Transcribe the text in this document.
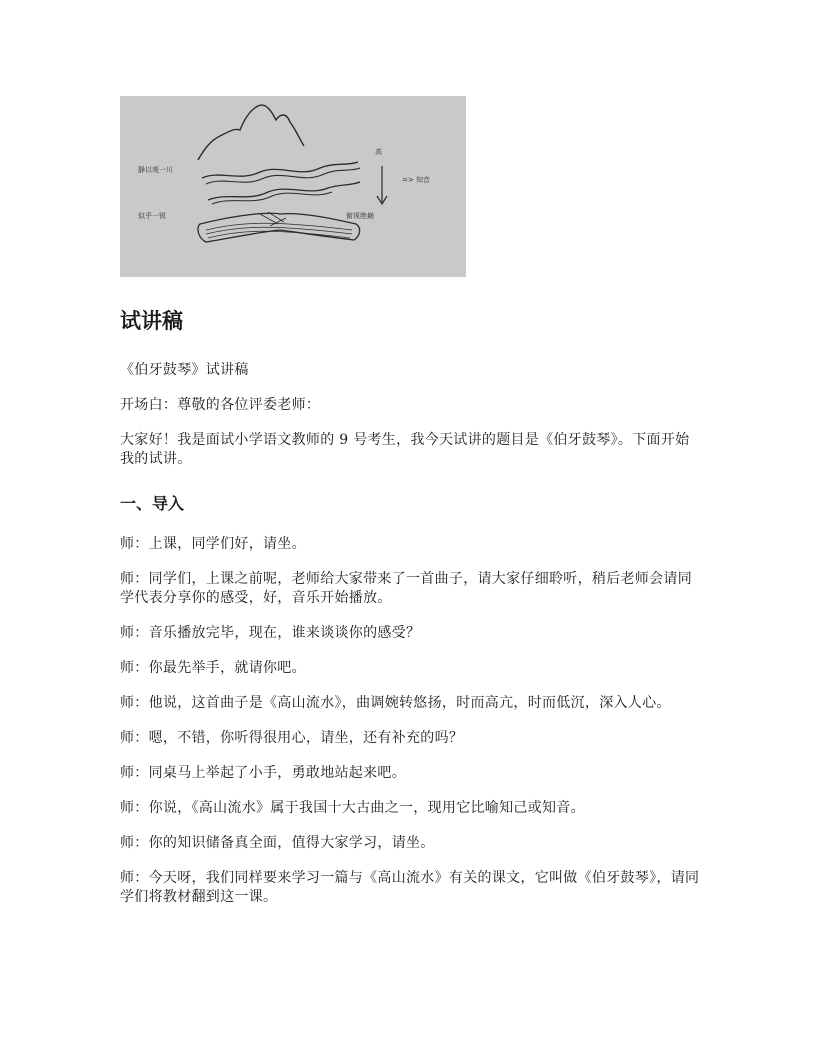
静以观一川
似乎一锐
高
=> 知音
俯视绝巅
试讲稿

《伯牙鼓琴》试讲稿

开场白：尊敬的各位评委老师：

大家好！我是面试小学语文教师的 9 号考生，我今天试讲的题目是《伯牙鼓琴》。下面开始我的试讲。

一、导入

师：上课，同学们好，请坐。

师：同学们，上课之前呢，老师给大家带来了一首曲子，请大家仔细聆听，稍后老师会请同学代表分享你的感受，好，音乐开始播放。

师：音乐播放完毕，现在，谁来谈谈你的感受？

师：你最先举手，就请你吧。

师：他说，这首曲子是《高山流水》，曲调婉转悠扬，时而高亢，时而低沉，深入人心。

师：嗯，不错，你听得很用心，请坐，还有补充的吗？

师：同桌马上举起了小手，勇敢地站起来吧。

师：你说，《高山流水》属于我国十大古曲之一，现用它比喻知己或知音。

师：你的知识储备真全面，值得大家学习，请坐。

师：今天呀，我们同样要来学习一篇与《高山流水》有关的课文，它叫做《伯牙鼓琴》，请同学们将教材翻到这一课。
